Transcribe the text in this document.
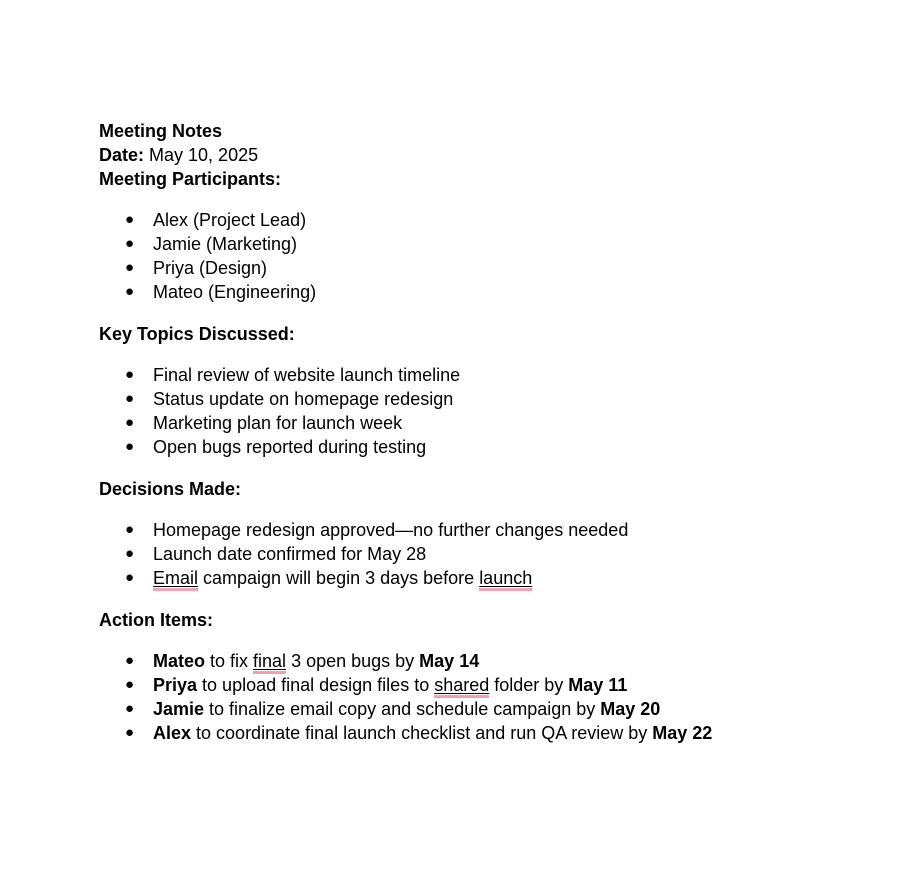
Meeting Notes
Date: May 10, 2025
Meeting Participants:
● Alex (Project Lead)
● Jamie (Marketing)
● Priya (Design)
● Mateo (Engineering)
Key Topics Discussed:
● Final review of website launch timeline
● Status update on homepage redesign
● Marketing plan for launch week
● Open bugs reported during testing
Decisions Made:
● Homepage redesign approved—no further changes needed
● Launch date confirmed for May 28
● Email campaign will begin 3 days before launch
Action Items:
● Mateo to fix final 3 open bugs by May 14
● Priya to upload final design files to shared folder by May 11
● Jamie to finalize email copy and schedule campaign by May 20
● Alex to coordinate final launch checklist and run QA review by May 22
